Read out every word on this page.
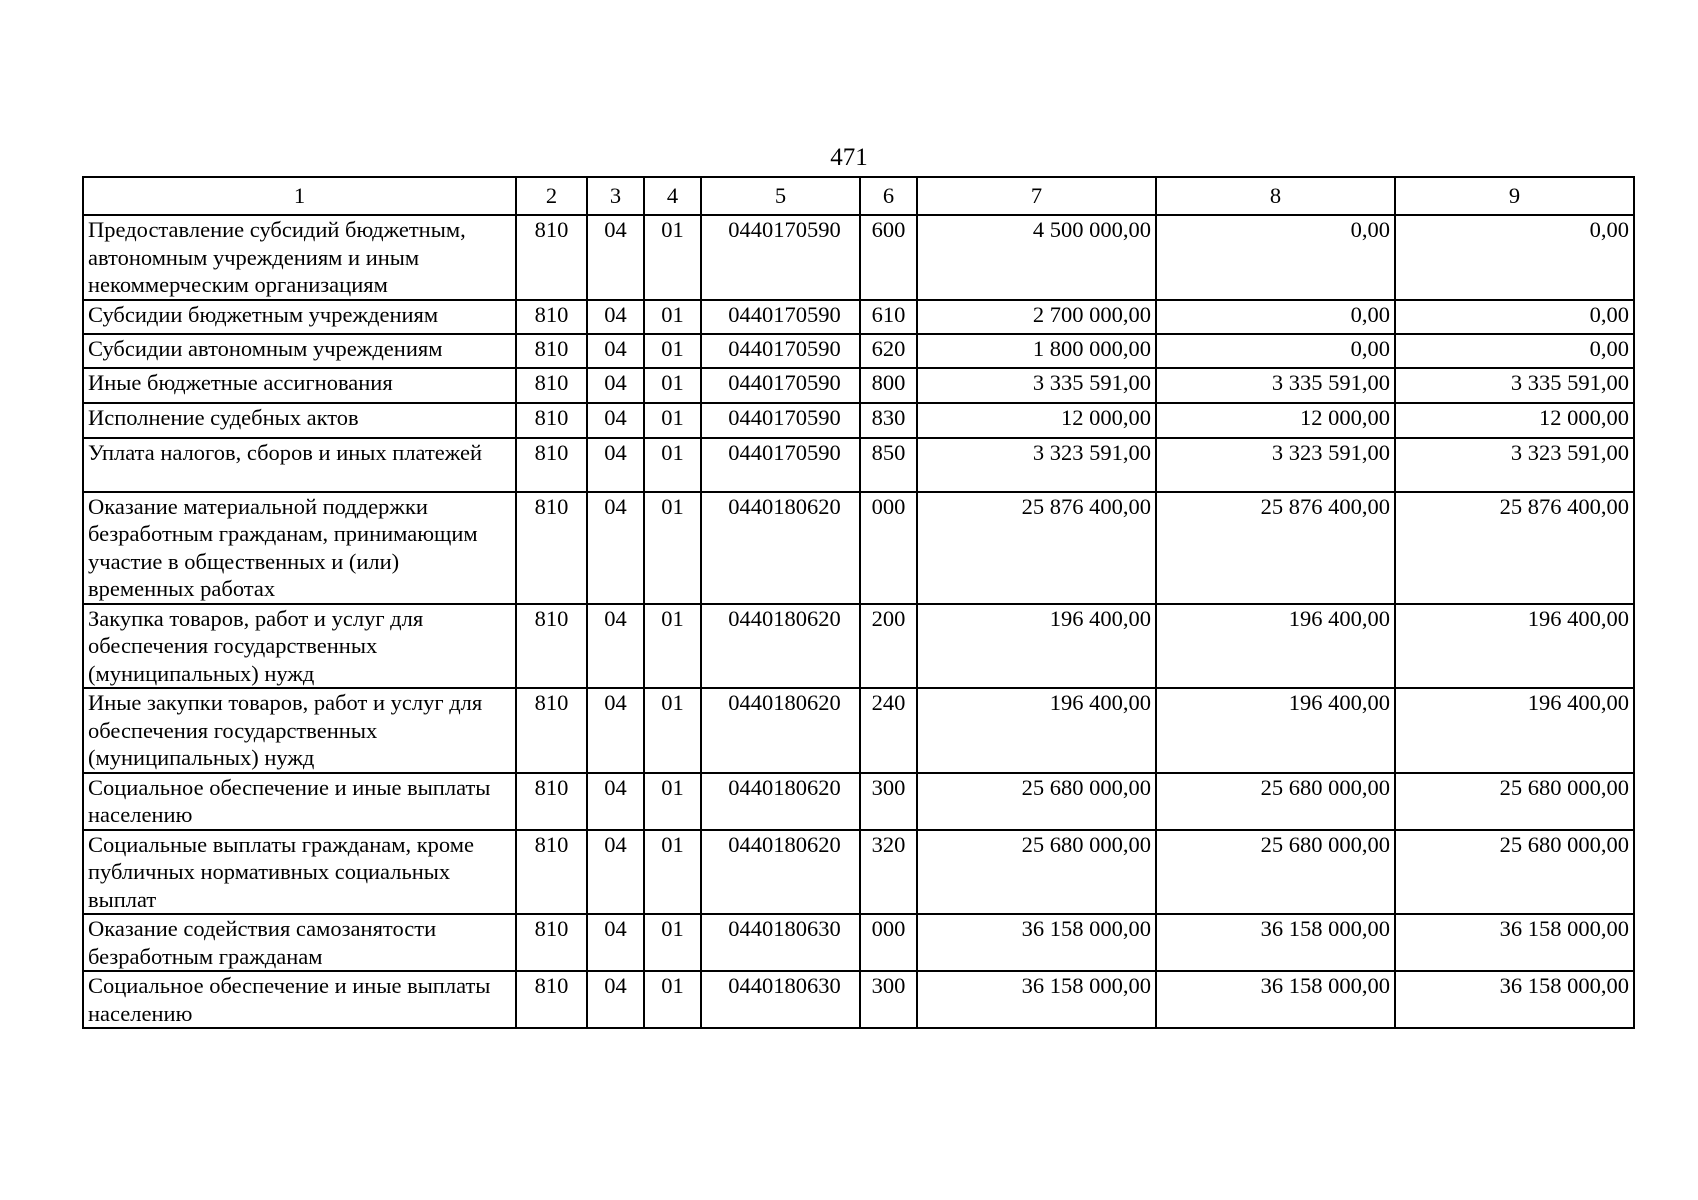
471
1	2	3	4	5	6	7	8	9
Предоставление субсидий бюджетным, автономным учреждениям и иным некоммерческим организациям	810	04	01	0440170590	600	4 500 000,00	0,00	0,00
Субсидии бюджетным учреждениям	810	04	01	0440170590	610	2 700 000,00	0,00	0,00
Субсидии автономным учреждениям	810	04	01	0440170590	620	1 800 000,00	0,00	0,00
Иные бюджетные ассигнования	810	04	01	0440170590	800	3 335 591,00	3 335 591,00	3 335 591,00
Исполнение судебных актов	810	04	01	0440170590	830	12 000,00	12 000,00	12 000,00
Уплата налогов, сборов и иных платежей	810	04	01	0440170590	850	3 323 591,00	3 323 591,00	3 323 591,00
Оказание материальной поддержки безработным гражданам, принимающим участие в общественных и (или) временных работах	810	04	01	0440180620	000	25 876 400,00	25 876 400,00	25 876 400,00
Закупка товаров, работ и услуг для обеспечения государственных (муниципальных) нужд	810	04	01	0440180620	200	196 400,00	196 400,00	196 400,00
Иные закупки товаров, работ и услуг для обеспечения государственных (муниципальных) нужд	810	04	01	0440180620	240	196 400,00	196 400,00	196 400,00
Социальное обеспечение и иные выплаты населению	810	04	01	0440180620	300	25 680 000,00	25 680 000,00	25 680 000,00
Социальные выплаты гражданам, кроме публичных нормативных социальных выплат	810	04	01	0440180620	320	25 680 000,00	25 680 000,00	25 680 000,00
Оказание содействия самозанятости безработным гражданам	810	04	01	0440180630	000	36 158 000,00	36 158 000,00	36 158 000,00
Социальное обеспечение и иные выплаты населению	810	04	01	0440180630	300	36 158 000,00	36 158 000,00	36 158 000,00
